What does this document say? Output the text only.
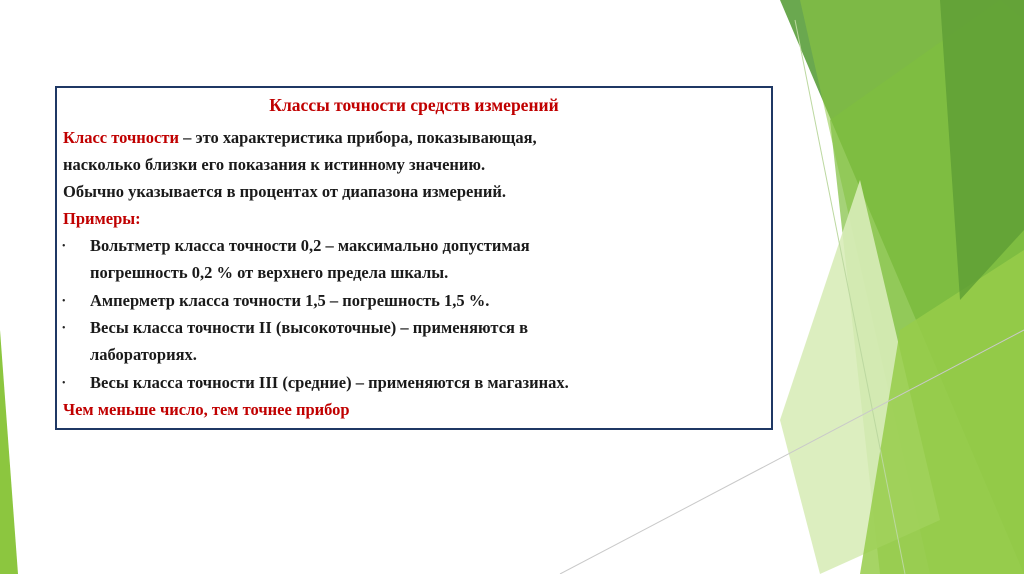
Классы точности средств измерений
Класс точности – это характеристика прибора, показывающая,
насколько близки его показания к истинному значению.
Обычно указывается в процентах от диапазона измерений.
Примеры:
• Вольтметр класса точности 0,2 – максимально допустимая
погрешность 0,2 % от верхнего предела шкалы.
• Амперметр класса точности 1,5 – погрешность 1,5 %.
• Весы класса точности II (высокоточные) – применяются в
лабораториях.
• Весы класса точности III (средние) – применяются в магазинах.
Чем меньше число, тем точнее прибор
